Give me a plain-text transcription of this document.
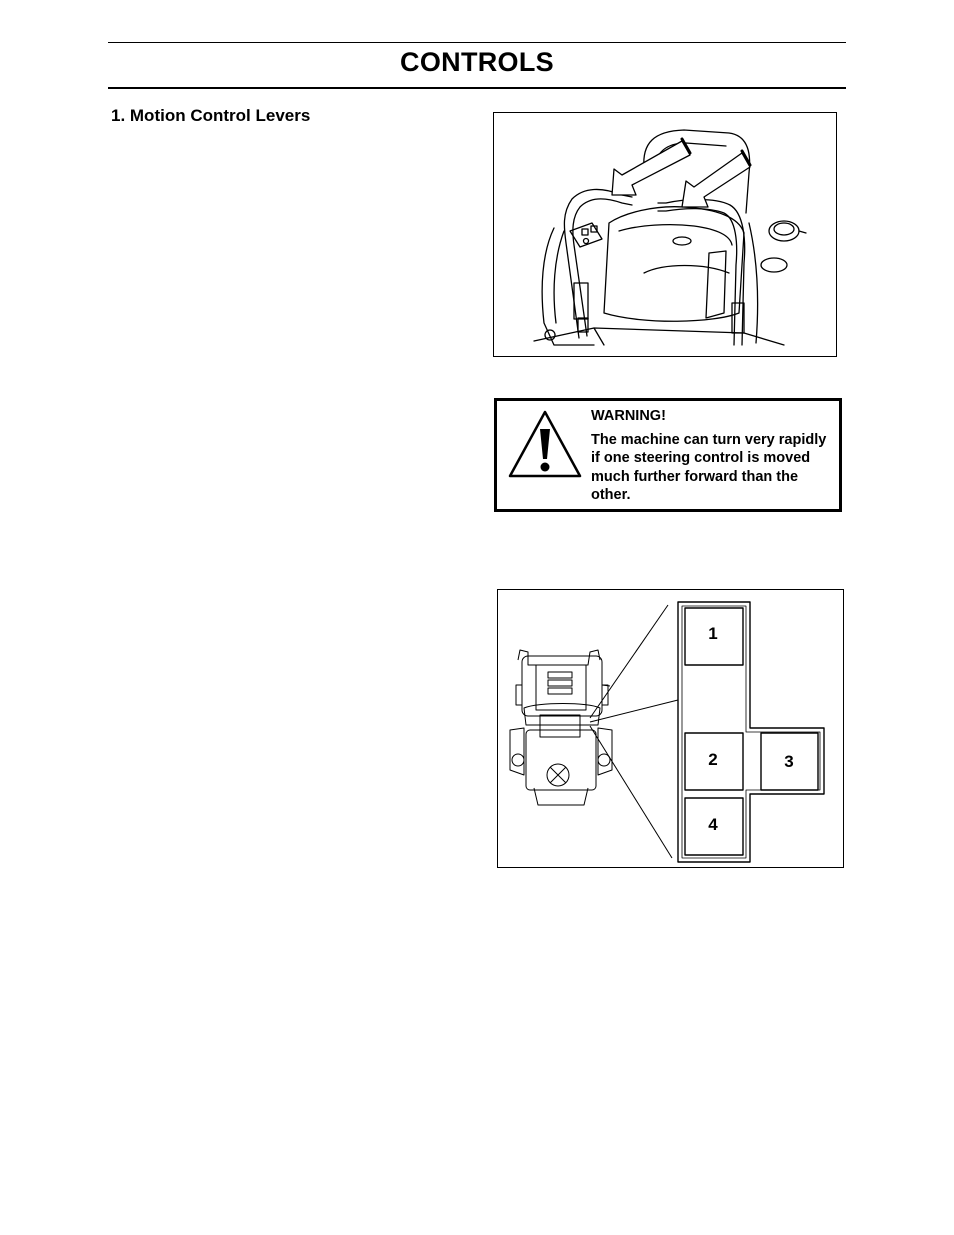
CONTROLS
1. Motion Control Levers
WARNING!
The machine can turn very rapidly if one steering control is moved much further forward than the other.
1
2	3
4
